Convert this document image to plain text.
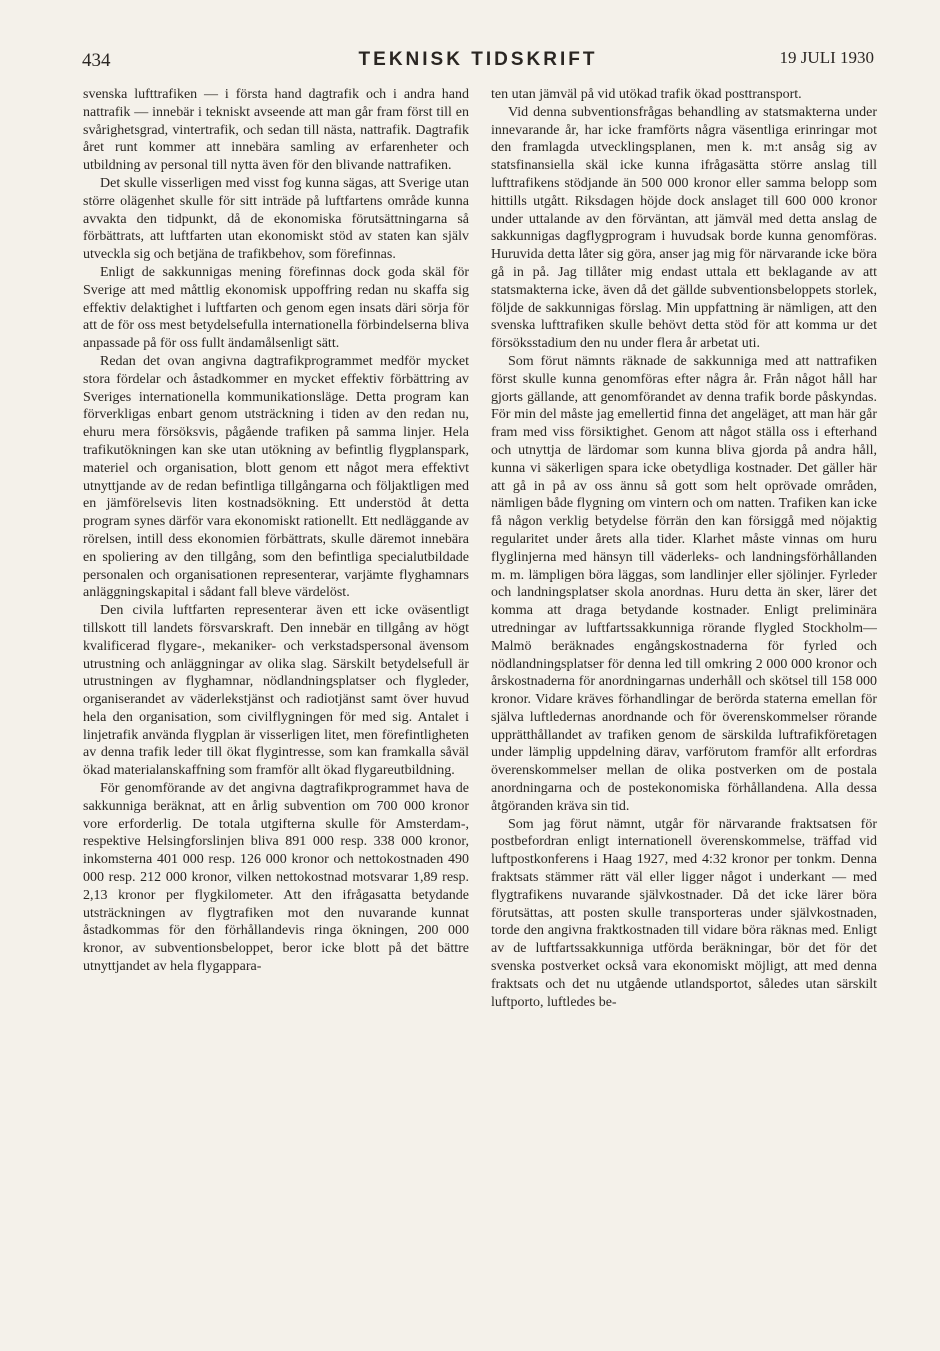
434	TEKNISK TIDSKRIFT	19 JULI 1930

svenska lufttrafiken — i första hand dagtrafik och i andra hand nattrafik — innebär i tekniskt avseende att man går fram först till en svårighetsgrad, vintertrafik, och sedan till nästa, nattrafik. Dagtrafik året runt kommer att innebära samling av erfarenheter och utbildning av personal till nytta även för den blivande nattrafiken.

Det skulle visserligen med visst fog kunna sägas, att Sverige utan större olägenhet skulle för sitt inträde på luftfartens område kunna avvakta den tidpunkt, då de ekonomiska förutsättningarna så förbättrats, att luftfarten utan ekonomiskt stöd av staten kan själv utveckla sig och betjäna de trafikbehov, som förefinnas.

Enligt de sakkunnigas mening förefinnas dock goda skäl för Sverige att med måttlig ekonomisk uppoffring redan nu skaffa sig effektiv delaktighet i luftfarten och genom egen insats däri sörja för att de för oss mest betydelsefulla internationella förbindelserna bliva anpassade på för oss fullt ändamålsenligt sätt.

Redan det ovan angivna dagtrafikprogrammet medför mycket stora fördelar och åstadkommer en mycket effektiv förbättring av Sveriges internationella kommunikationsläge. Detta program kan förverkligas enbart genom utsträckning i tiden av den redan nu, ehuru mera försöksvis, pågående trafiken på samma linjer. Hela trafikutökningen kan ske utan utökning av befintlig flygplanspark, materiel och organisation, blott genom ett något mera effektivt utnyttjande av de redan befintliga tillgångarna och följaktligen med en jämförelsevis liten kostnadsökning. Ett understöd åt detta program synes därför vara ekonomiskt rationellt. Ett nedläggande av rörelsen, intill dess ekonomien förbättrats, skulle däremot innebära en spoliering av den tillgång, som den befintliga specialutbildade personalen och organisationen representerar, varjämte flyghamnars anläggningskapital i sådant fall bleve värdelöst.

Den civila luftfarten representerar även ett icke oväsentligt tillskott till landets försvarskraft. Den innebär en tillgång av högt kvalificerad flygare-, mekaniker- och verkstadspersonal ävensom utrustning och anläggningar av olika slag. Särskilt betydelsefull är utrustningen av flyghamnar, nödlandningsplatser och flygleder, organiserandet av väderlekstjänst och radiotjänst samt över huvud hela den organisation, som civilflygningen för med sig. Antalet i linjetrafik använda flygplan är visserligen litet, men förefintligheten av denna trafik leder till ökat flygintresse, som kan framkalla såväl ökad materialanskaffning som framför allt ökad flygareutbildning.

För genomförande av det angivna dagtrafikprogrammet hava de sakkunniga beräknat, att en årlig subvention om 700 000 kronor vore erforderlig. De totala utgifterna skulle för Amsterdam-, respektive Helsingforslinjen bliva 891 000 resp. 338 000 kronor, inkomsterna 401 000 resp. 126 000 kronor och nettokostnaden 490 000 resp. 212 000 kronor, vilken nettokostnad motsvarar 1,89 resp. 2,13 kronor per flygkilometer. Att den ifrågasatta betydande utsträckningen av flygtrafiken mot den nuvarande kunnat åstadkommas för den förhållandevis ringa ökningen, 200 000 kronor, av subventionsbeloppet, beror icke blott på det bättre utnyttjandet av hela flygappara-

ten utan jämväl på vid utökad trafik ökad posttransport.

Vid denna subventionsfrågas behandling av statsmakterna under innevarande år, har icke framförts några väsentliga erinringar mot den framlagda utvecklingsplanen, men k. m:t ansåg sig av statsfinansiella skäl icke kunna ifrågasätta större anslag till lufttrafikens stödjande än 500 000 kronor eller samma belopp som hittills utgått. Riksdagen höjde dock anslaget till 600 000 kronor under uttalande av den förväntan, att jämväl med detta anslag de sakkunnigas dagflygprogram i huvudsak borde kunna genomföras. Huruvida detta låter sig göra, anser jag mig för närvarande icke böra gå in på. Jag tillåter mig endast uttala ett beklagande av att statsmakterna icke, även då det gällde subventionsbeloppets storlek, följde de sakkunnigas förslag. Min uppfattning är nämligen, att den svenska lufttrafiken skulle behövt detta stöd för att komma ur det försöksstadium den nu under flera år arbetat uti.

Som förut nämnts räknade de sakkunniga med att nattrafiken först skulle kunna genomföras efter några år. Från något håll har gjorts gällande, att genomförandet av denna trafik borde påskyndas. För min del måste jag emellertid finna det angeläget, att man här går fram med viss försiktighet. Genom att något ställa oss i efterhand och utnyttja de lärdomar som kunna bliva gjorda på andra håll, kunna vi säkerligen spara icke obetydliga kostnader. Det gäller här att gå in på av oss ännu så gott som helt oprövade områden, nämligen både flygning om vintern och om natten. Trafiken kan icke få någon verklig betydelse förrän den kan försiggå med nöjaktig regularitet under årets alla tider. Klarhet måste vinnas om huru flyglinjerna med hänsyn till väderleks- och landningsförhållanden m. m. lämpligen böra läggas, som landlinjer eller sjölinjer. Fyrleder och landningsplatser skola anordnas. Huru detta än sker, lärer det komma att draga betydande kostnader. Enligt preliminära utredningar av luftfartssakkunniga rörande flygled Stockholm—Malmö beräknades engångskostnaderna för fyrled och nödlandningsplatser för denna led till omkring 2 000 000 kronor och årskostnaderna för anordningarnas underhåll och skötsel till 158 000 kronor. Vidare kräves förhandlingar de berörda staterna emellan för själva luftledernas anordnande och för överenskommelser rörande upprätthållandet av trafiken genom de särskilda luftrafikföretagen under lämplig uppdelning därav, varförutom framför allt erfordras överenskommelser mellan de olika postverken om de postala anordningarna och de postekonomiska förhållandena. Alla dessa åtgöranden kräva sin tid.

Som jag förut nämnt, utgår för närvarande fraktsatsen för postbefordran enligt internationell överenskommelse, träffad vid luftpostkonferens i Haag 1927, med 4:32 kronor per tonkm. Denna fraktsats stämmer rätt väl eller ligger något i underkant — med flygtrafikens nuvarande självkostnader. Då det icke lärer böra förutsättas, att posten skulle transporteras under självkostnaden, torde den angivna fraktkostnaden till vidare böra räknas med. Enligt av de luftfartssakkunniga utförda beräkningar, bör det för det svenska postverket också vara ekonomiskt möjligt, att med denna fraktsats och det nu utgående utlandsportot, således utan särskilt luftporto, luftledes be-
